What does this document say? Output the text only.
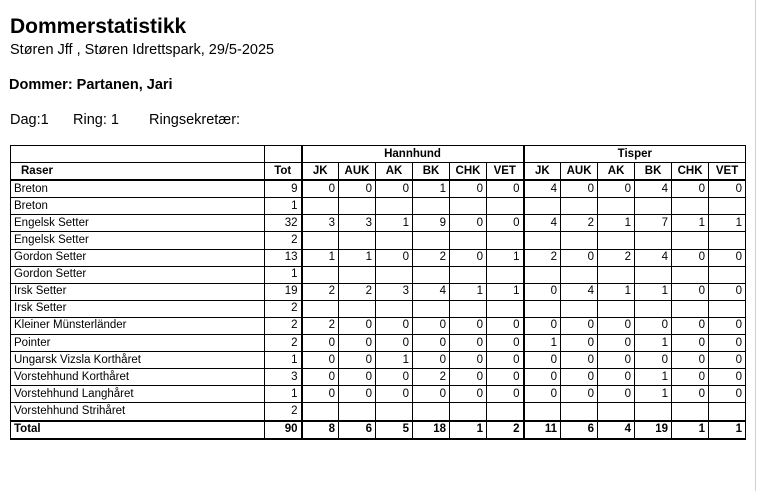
Dommerstatistikk
Støren Jff , Støren Idrettspark, 29/5-2025
Dommer: Partanen, Jari
Dag:1 Ring: 1 Ringsekretær:
		Hannhund						Tisper					
Raser	Tot	JK	AUK	AK	BK	CHK	VET	JK	AUK	AK	BK	CHK	VET
Breton	9	0	0	0	1	0	0	4	0	0	4	0	0
Breton	1												
Engelsk Setter	32	3	3	1	9	0	0	4	2	1	7	1	1
Engelsk Setter	2												
Gordon Setter	13	1	1	0	2	0	1	2	0	2	4	0	0
Gordon Setter	1												
Irsk Setter	19	2	2	3	4	1	1	0	4	1	1	0	0
Irsk Setter	2												
Kleiner Münsterländer	2	2	0	0	0	0	0	0	0	0	0	0	0
Pointer	2	0	0	0	0	0	0	1	0	0	1	0	0
Ungarsk Vizsla Korthåret	1	0	0	1	0	0	0	0	0	0	0	0	0
Vorstehhund Korthåret	3	0	0	0	2	0	0	0	0	0	1	0	0
Vorstehhund Langhåret	1	0	0	0	0	0	0	0	0	0	1	0	0
Vorstehhund Strihåret	2												
Total	90	8	6	5	18	1	2	11	6	4	19	1	1
